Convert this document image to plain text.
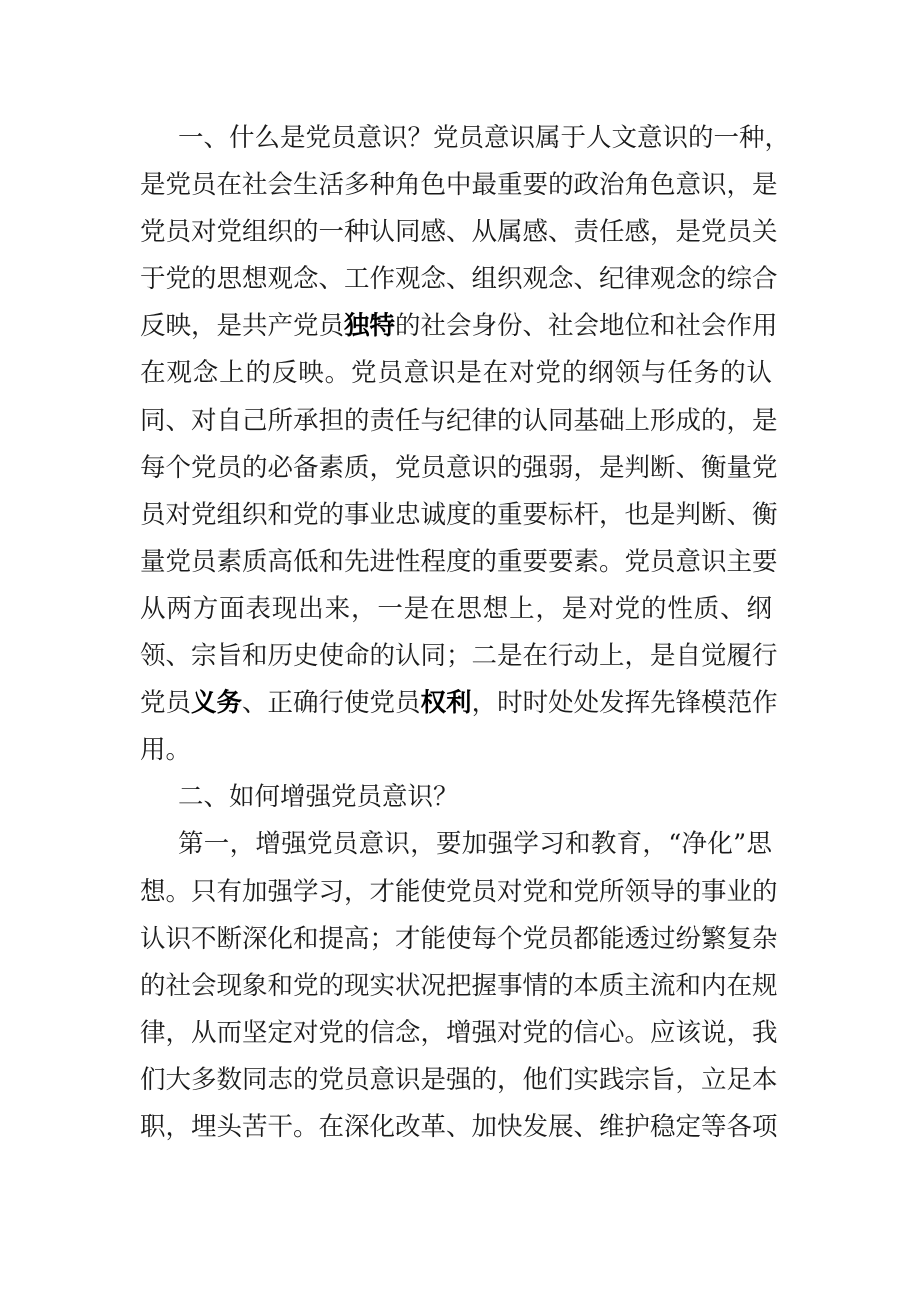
一、什么是党员意识？党员意识属于人文意识的一种，
是党员在社会生活多种角色中最重要的政治角色意识，是
党员对党组织的一种认同感、从属感、责任感，是党员关
于党的思想观念、工作观念、组织观念、纪律观念的综合
反映，是共产党员独特的社会身份、社会地位和社会作用
在观念上的反映。党员意识是在对党的纲领与任务的认
同、对自己所承担的责任与纪律的认同基础上形成的，是
每个党员的必备素质，党员意识的强弱，是判断、衡量党
员对党组织和党的事业忠诚度的重要标杆，也是判断、衡
量党员素质高低和先进性程度的重要要素。党员意识主要
从两方面表现出来，一是在思想上，是对党的性质、纲
领、宗旨和历史使命的认同；二是在行动上，是自觉履行
党员义务、正确行使党员权利，时时处处发挥先锋模范作
用。
二、如何增强党员意识？
第一，增强党员意识，要加强学习和教育，“净化”思
想。只有加强学习，才能使党员对党和党所领导的事业的
认识不断深化和提高；才能使每个党员都能透过纷繁复杂
的社会现象和党的现实状况把握事情的本质主流和内在规
律，从而坚定对党的信念，增强对党的信心。应该说，我
们大多数同志的党员意识是强的，他们实践宗旨，立足本
职，埋头苦干。在深化改革、加快发展、维护稳定等各项
